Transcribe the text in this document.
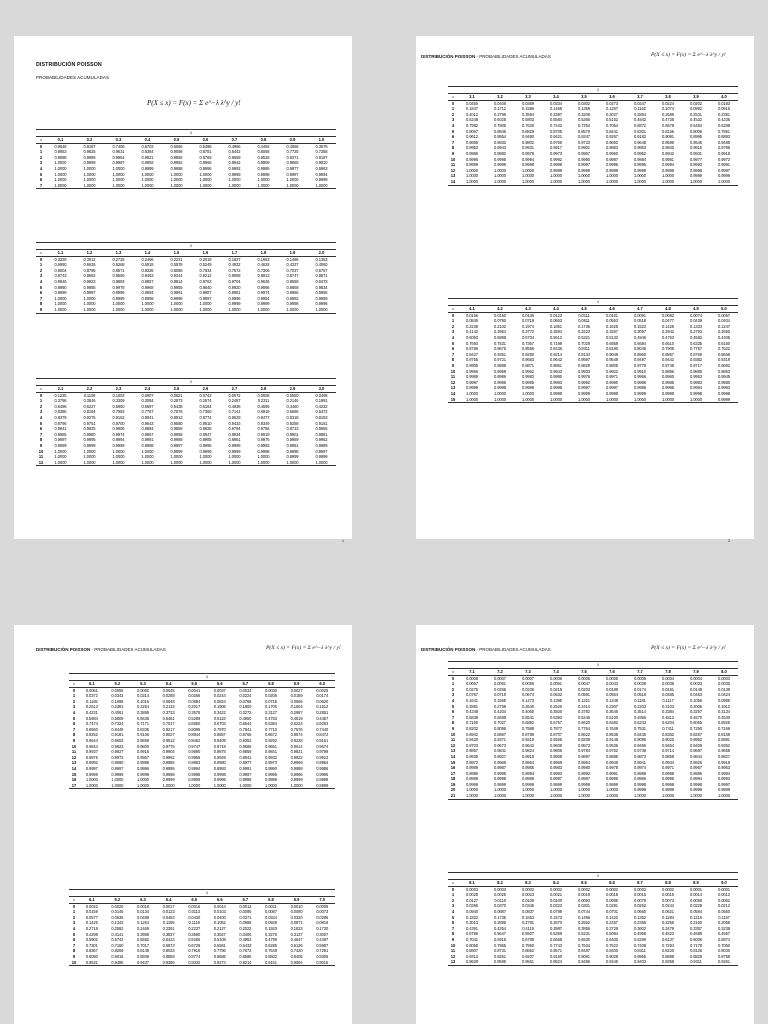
DISTRIBUCIÓN POISSON
PROBABILIDADES ACUMULADAS
P(X ≤ x) = F(x) = Σ e^−λ λ^y / y!
	λ									
x	0.1	0.2	0.3	0.4	0.5	0.6	0.7	0.8	0.9	1.0
0	0.9048	0.8187	0.7408	0.6703	0.6065	0.5488	0.4966	0.4493	0.4066	0.3679
1	0.9953	0.9825	0.9631	0.9384	0.9098	0.8781	0.8442	0.8088	0.7725	0.7358
2	0.9998	0.9989	0.9964	0.9921	0.9856	0.9769	0.9659	0.9526	0.9371	0.9197
3	1.0000	0.9999	0.9997	0.9992	0.9982	0.9966	0.9942	0.9909	0.9865	0.9810
4	1.0000	1.0000	1.0000	0.9999	0.9998	0.9996	0.9992	0.9986	0.9977	0.9963
5	1.0000	1.0000	1.0000	1.0000	1.0000	1.0000	0.9999	0.9998	0.9997	0.9994
6	1.0000	1.0000	1.0000	1.0000	1.0000	1.0000	1.0000	1.0000	1.0000	0.9999
7	1.0000	1.0000	1.0000	1.0000	1.0000	1.0000	1.0000	1.0000	1.0000	1.0000
	λ									
x	1.1	1.2	1.3	1.4	1.5	1.6	1.7	1.8	1.9	2.0
0	0.3329	0.3012	0.2725	0.2466	0.2231	0.2019	0.1827	0.1653	0.1496	0.1353
1	0.6990	0.6626	0.6268	0.5918	0.5578	0.5249	0.4932	0.4628	0.4337	0.4060
2	0.9004	0.8795	0.8571	0.8335	0.8088	0.7834	0.7572	0.7306	0.7037	0.6767
3	0.9743	0.9662	0.9569	0.9463	0.9344	0.9212	0.9068	0.8913	0.8747	0.8571
4	0.9946	0.9923	0.9893	0.9857	0.9814	0.9763	0.9704	0.9636	0.9559	0.9473
5	0.9990	0.9985	0.9978	0.9968	0.9955	0.9940	0.9920	0.9896	0.9868	0.9834
6	0.9999	0.9997	0.9996	0.9994	0.9991	0.9987	0.9981	0.9974	0.9966	0.9955
7	1.0000	1.0000	0.9999	0.9999	0.9998	0.9997	0.9996	0.9994	0.9992	0.9989
8	1.0000	1.0000	1.0000	1.0000	1.0000	1.0000	0.9999	0.9999	0.9998	0.9998
9	1.0000	1.0000	1.0000	1.0000	1.0000	1.0000	1.0000	1.0000	1.0000	1.0000
	λ									
x	2.1	2.2	2.3	2.4	2.5	2.6	2.7	2.8	2.9	3.0
0	0.1225	0.1108	0.1003	0.0907	0.0821	0.0743	0.0672	0.0608	0.0550	0.0498
1	0.3796	0.3546	0.3309	0.3084	0.2873	0.2674	0.2487	0.2311	0.2146	0.1991
2	0.6496	0.6227	0.5960	0.5697	0.5438	0.5184	0.4936	0.4695	0.4460	0.4232
3	0.8386	0.8194	0.7993	0.7787	0.7576	0.7360	0.7141	0.6919	0.6696	0.6472
4	0.9379	0.9275	0.9162	0.9041	0.8912	0.8774	0.8629	0.8477	0.8318	0.8153
5	0.9796	0.9751	0.9700	0.9643	0.9580	0.9510	0.9433	0.9349	0.9258	0.9161
6	0.9941	0.9925	0.9906	0.9884	0.9858	0.9828	0.9794	0.9756	0.9713	0.9665
7	0.9985	0.9980	0.9974	0.9967	0.9958	0.9947	0.9934	0.9919	0.9901	0.9881
8	0.9997	0.9995	0.9994	0.9991	0.9989	0.9985	0.9981	0.9976	0.9969	0.9962
9	0.9999	0.9999	0.9999	0.9998	0.9997	0.9996	0.9995	0.9993	0.9991	0.9989
10	1.0000	1.0000	1.0000	1.0000	0.9999	0.9999	0.9999	0.9998	0.9998	0.9997
11	1.0000	1.0000	1.0000	1.0000	1.0000	1.0000	1.0000	1.0000	0.9999	0.9999
12	1.0000	1.0000	1.0000	1.0000	1.0000	1.0000	1.0000	1.0000	1.0000	1.0000
1
DISTRIBUCIÓN POISSON - PROBABILIDADES ACUMULADAS	P(X ≤ x) = F(x) = Σ e^−λ λ^y / y!
	λ									
x	3.1	3.2	3.3	3.4	3.5	3.6	3.7	3.8	3.9	4.0
0	0.0450	0.0408	0.0369	0.0334	0.0302	0.0273	0.0247	0.0224	0.0202	0.0183
1	0.1847	0.1712	0.1586	0.1468	0.1359	0.1257	0.1162	0.1074	0.0992	0.0916
2	0.4012	0.3799	0.3594	0.3397	0.3208	0.3027	0.2854	0.2689	0.2531	0.2381
3	0.6248	0.6025	0.5803	0.5584	0.5366	0.5152	0.4942	0.4735	0.4532	0.4335
4	0.7982	0.7806	0.7626	0.7442	0.7254	0.7064	0.6872	0.6678	0.6484	0.6288
5	0.9057	0.8946	0.8829	0.8705	0.8576	0.8441	0.8301	0.8156	0.8006	0.7851
6	0.9612	0.9554	0.9490	0.9421	0.9347	0.9267	0.9182	0.9091	0.8995	0.8893
7	0.9858	0.9832	0.9802	0.9769	0.9733	0.9692	0.9648	0.9599	0.9546	0.9489
8	0.9953	0.9943	0.9931	0.9917	0.9901	0.9883	0.9863	0.9840	0.9815	0.9786
9	0.9986	0.9982	0.9978	0.9973	0.9967	0.9960	0.9952	0.9942	0.9931	0.9919
10	0.9996	0.9995	0.9994	0.9992	0.9990	0.9987	0.9984	0.9981	0.9977	0.9972
11	0.9999	0.9999	0.9998	0.9998	0.9997	0.9996	0.9995	0.9994	0.9993	0.9991
12	1.0000	1.0000	1.0000	0.9999	0.9999	0.9999	0.9999	0.9998	0.9998	0.9997
13	1.0000	1.0000	1.0000	1.0000	1.0000	1.0000	1.0000	1.0000	0.9999	0.9999
14	1.0000	1.0000	1.0000	1.0000	1.0000	1.0000	1.0000	1.0000	1.0000	1.0000
	λ									
x	4.1	4.2	4.3	4.4	4.5	4.6	4.7	4.8	4.9	5.0
0	0.0166	0.0150	0.0136	0.0123	0.0111	0.0101	0.0091	0.0082	0.0074	0.0067
1	0.0845	0.0780	0.0719	0.0663	0.0611	0.0563	0.0518	0.0477	0.0439	0.0404
2	0.2238	0.2102	0.1974	0.1851	0.1736	0.1626	0.1523	0.1425	0.1333	0.1247
3	0.4142	0.3954	0.3772	0.3594	0.3423	0.3257	0.3097	0.2942	0.2793	0.2650
4	0.6093	0.5898	0.5704	0.5512	0.5321	0.5132	0.4946	0.4763	0.4582	0.4405
5	0.7693	0.7531	0.7367	0.7199	0.7029	0.6858	0.6684	0.6510	0.6335	0.6160
6	0.8786	0.8675	0.8558	0.8436	0.8311	0.8180	0.8046	0.7908	0.7767	0.7622
7	0.9427	0.9361	0.9290	0.9214	0.9134	0.9049	0.8960	0.8867	0.8769	0.8666
8	0.9755	0.9721	0.9683	0.9642	0.9597	0.9549	0.9497	0.9442	0.9382	0.9319
9	0.9905	0.9889	0.9871	0.9851	0.9829	0.9805	0.9778	0.9749	0.9717	0.9682
10	0.9966	0.9959	0.9952	0.9943	0.9933	0.9922	0.9910	0.9896	0.9880	0.9863
11	0.9989	0.9986	0.9983	0.9980	0.9976	0.9971	0.9966	0.9960	0.9953	0.9945
12	0.9997	0.9996	0.9995	0.9993	0.9992	0.9990	0.9988	0.9986	0.9983	0.9980
13	0.9999	0.9999	0.9998	0.9998	0.9997	0.9997	0.9996	0.9995	0.9994	0.9993
14	1.0000	1.0000	1.0000	0.9999	0.9999	0.9999	0.9999	0.9999	0.9998	0.9998
15	1.0000	1.0000	1.0000	1.0000	1.0000	1.0000	1.0000	1.0000	1.0000	0.9999
2
DISTRIBUCIÓN POISSON - PROBABILIDADES ACUMULADAS	P(X ≤ x) = F(x) = Σ e^−λ λ^y / y!
	λ									
x	5.1	5.2	5.3	5.4	5.5	5.6	5.7	5.8	5.9	6.0
0	0.0061	0.0055	0.0050	0.0045	0.0041	0.0037	0.0033	0.0030	0.0027	0.0025
1	0.0372	0.0342	0.0314	0.0289	0.0266	0.0244	0.0224	0.0206	0.0189	0.0174
2	0.1165	0.1088	0.1016	0.0948	0.0884	0.0824	0.0768	0.0715	0.0666	0.0620
3	0.2513	0.2381	0.2254	0.2133	0.2017	0.1906	0.1800	0.1700	0.1604	0.1512
4	0.4231	0.4061	0.3895	0.3733	0.3575	0.3422	0.3272	0.3127	0.2987	0.2851
5	0.5984	0.5809	0.5635	0.5461	0.5289	0.5119	0.4950	0.4783	0.4619	0.4457
6	0.7474	0.7324	0.7171	0.7017	0.6860	0.6703	0.6544	0.6384	0.6224	0.6063
7	0.8560	0.8449	0.8335	0.8217	0.8095	0.7970	0.7841	0.7710	0.7576	0.7440
8	0.9252	0.9181	0.9106	0.9027	0.8944	0.8857	0.8766	0.8672	0.8574	0.8472
9	0.9644	0.9603	0.9559	0.9512	0.9462	0.9409	0.9352	0.9292	0.9228	0.9161
10	0.9844	0.9823	0.9800	0.9775	0.9747	0.9718	0.9686	0.9651	0.9614	0.9574
11	0.9937	0.9927	0.9916	0.9904	0.9890	0.9875	0.9859	0.9841	0.9821	0.9799
12	0.9976	0.9972	0.9967	0.9962	0.9955	0.9949	0.9941	0.9932	0.9922	0.9912
13	0.9992	0.9990	0.9988	0.9986	0.9983	0.9980	0.9977	0.9973	0.9969	0.9964
14	0.9997	0.9997	0.9996	0.9995	0.9994	0.9993	0.9991	0.9990	0.9988	0.9986
15	0.9999	0.9999	0.9999	0.9998	0.9998	0.9998	0.9997	0.9996	0.9996	0.9995
16	1.0000	1.0000	1.0000	0.9999	0.9999	0.9999	0.9999	0.9999	0.9999	0.9998
17	1.0000	1.0000	1.0000	1.0000	1.0000	1.0000	1.0000	1.0000	1.0000	0.9999
	λ									
x	6.1	6.2	6.3	6.4	6.5	6.6	6.7	6.8	6.9	7.0
0	0.0022	0.0020	0.0018	0.0017	0.0015	0.0014	0.0012	0.0011	0.0010	0.0009
1	0.0159	0.0146	0.0134	0.0123	0.0113	0.0103	0.0095	0.0087	0.0080	0.0073
2	0.0577	0.0536	0.0498	0.0463	0.0430	0.0400	0.0371	0.0344	0.0320	0.0296
3	0.1425	0.1342	0.1264	0.1189	0.1118	0.1052	0.0988	0.0928	0.0871	0.0818
4	0.2719	0.2592	0.2469	0.2351	0.2237	0.2127	0.2022	0.1920	0.1823	0.1730
5	0.4298	0.4141	0.3988	0.3837	0.3690	0.3547	0.3406	0.3270	0.3137	0.3007
6	0.5902	0.5742	0.5582	0.5423	0.5265	0.5108	0.4953	0.4799	0.4647	0.4497
7	0.7301	0.7160	0.7017	0.6873	0.6728	0.6581	0.6433	0.6285	0.6136	0.5987
8	0.8367	0.8259	0.8148	0.8033	0.7916	0.7796	0.7673	0.7548	0.7420	0.7291
9	0.9090	0.9016	0.8939	0.8858	0.8774	0.8686	0.8596	0.8502	0.8405	0.8305
10	0.9531	0.9486	0.9437	0.9386	0.9332	0.9274	0.9214	0.9151	0.9084	0.9015
DISTRIBUCIÓN POISSON - PROBABILIDADES ACUMULADAS	P(X ≤ x) = F(x) = Σ e^−λ λ^y / y!
	λ									
x	7.1	7.2	7.3	7.4	7.5	7.6	7.7	7.8	7.9	8.0
0	0.0008	0.0007	0.0007	0.0006	0.0006	0.0005	0.0005	0.0004	0.0004	0.0003
1	0.0067	0.0061	0.0056	0.0051	0.0047	0.0043	0.0039	0.0036	0.0033	0.0030
2	0.0275	0.0255	0.0236	0.0219	0.0203	0.0188	0.0174	0.0161	0.0149	0.0138
3	0.0767	0.0719	0.0674	0.0632	0.0591	0.0554	0.0518	0.0485	0.0453	0.0424
4	0.1641	0.1555	0.1473	0.1395	0.1321	0.1249	0.1181	0.1117	0.1055	0.0996
5	0.2881	0.2759	0.2640	0.2526	0.2414	0.2307	0.2203	0.2103	0.2006	0.1912
6	0.4349	0.4204	0.4060	0.3920	0.3782	0.3646	0.3514	0.3384	0.3257	0.3134
7	0.5838	0.5689	0.5541	0.5393	0.5246	0.5100	0.4956	0.4812	0.4670	0.4530
8	0.7160	0.7027	0.6892	0.6757	0.6620	0.6482	0.6343	0.6204	0.6065	0.5925
9	0.8202	0.8096	0.7988	0.7877	0.7764	0.7649	0.7531	0.7411	0.7290	0.7166
10	0.8942	0.8867	0.8788	0.8707	0.8622	0.8535	0.8445	0.8352	0.8257	0.8159
11	0.9420	0.9371	0.9319	0.9265	0.9208	0.9148	0.9085	0.9020	0.8952	0.8881
12	0.9703	0.9673	0.9642	0.9609	0.9573	0.9536	0.9496	0.9454	0.9409	0.9362
13	0.9857	0.9841	0.9824	0.9805	0.9784	0.9762	0.9739	0.9714	0.9687	0.9658
14	0.9935	0.9927	0.9918	0.9908	0.9897	0.9886	0.9873	0.9859	0.9844	0.9827
15	0.9972	0.9969	0.9964	0.9959	0.9954	0.9948	0.9941	0.9934	0.9926	0.9918
16	0.9989	0.9987	0.9985	0.9983	0.9980	0.9978	0.9974	0.9971	0.9967	0.9963
17	0.9996	0.9995	0.9994	0.9993	0.9992	0.9991	0.9989	0.9988	0.9986	0.9984
18	0.9998	0.9998	0.9998	0.9997	0.9997	0.9996	0.9996	0.9995	0.9994	0.9993
19	0.9999	0.9999	0.9999	0.9999	0.9999	0.9999	0.9998	0.9998	0.9998	0.9997
20	1.0000	1.0000	1.0000	1.0000	1.0000	1.0000	0.9999	0.9999	0.9999	0.9999
21	1.0000	1.0000	1.0000	1.0000	1.0000	1.0000	1.0000	1.0000	1.0000	1.0000
	λ									
x	8.1	8.2	8.3	8.4	8.5	8.6	8.7	8.8	8.9	9.0
0	0.0003	0.0003	0.0002	0.0002	0.0002	0.0002	0.0002	0.0002	0.0001	0.0001
1	0.0028	0.0025	0.0023	0.0021	0.0019	0.0018	0.0016	0.0015	0.0014	0.0012
2	0.0127	0.0118	0.0109	0.0100	0.0093	0.0086	0.0079	0.0073	0.0068	0.0062
3	0.0396	0.0370	0.0346	0.0323	0.0301	0.0281	0.0262	0.0244	0.0228	0.0212
4	0.0940	0.0887	0.0837	0.0789	0.0744	0.0701	0.0660	0.0621	0.0584	0.0550
5	0.1822	0.1736	0.1653	0.1573	0.1496	0.1422	0.1352	0.1284	0.1219	0.1157
6	0.3013	0.2896	0.2781	0.2670	0.2562	0.2457	0.2355	0.2256	0.2160	0.2068
7	0.4391	0.4254	0.4119	0.3987	0.3856	0.3728	0.3602	0.3478	0.3357	0.3239
8	0.5786	0.5647	0.5507	0.5369	0.5231	0.5094	0.4958	0.4823	0.4689	0.4557
9	0.7041	0.6915	0.6788	0.6659	0.6530	0.6400	0.6269	0.6137	0.6006	0.5874
10	0.8058	0.7955	0.7850	0.7743	0.7634	0.7522	0.7409	0.7294	0.7178	0.7060
11	0.8807	0.8731	0.8652	0.8571	0.8487	0.8400	0.8311	0.8220	0.8126	0.8030
12	0.9313	0.9261	0.9207	0.9150	0.9091	0.9029	0.8965	0.8898	0.8829	0.8758
13	0.9628	0.9595	0.9561	0.9524	0.9486	0.9445	0.9403	0.9358	0.9311	0.9261
